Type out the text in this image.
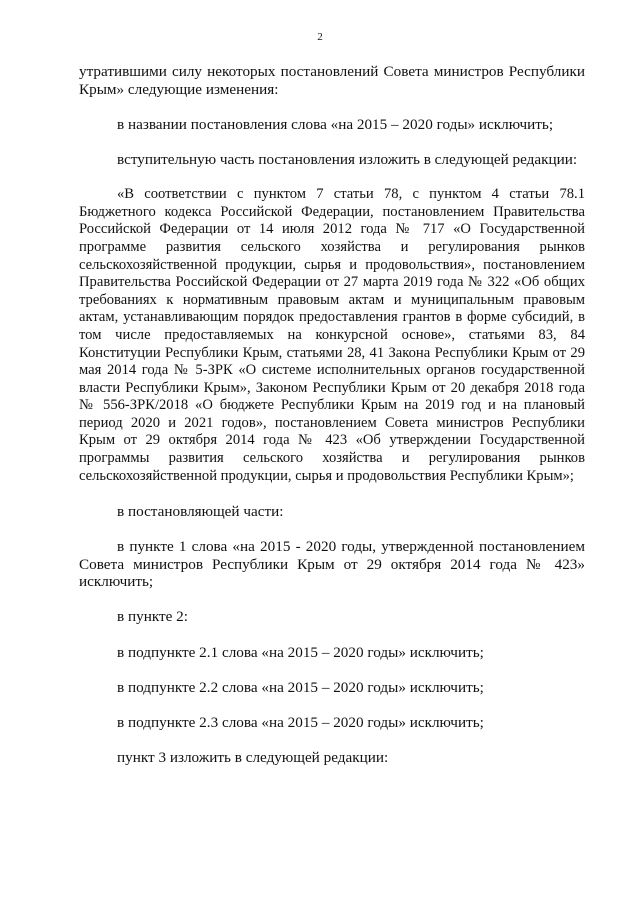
2

утратившими силу некоторых постановлений Совета министров Республики Крым» следующие изменения:

в названии постановления слова «на 2015 – 2020 годы» исключить;

вступительную часть постановления изложить в следующей редакции:

«В соответствии с пунктом 7 статьи 78, с пунктом 4 статьи 78.1 Бюджетного кодекса Российской Федерации, постановлением Правительства Российской Федерации от 14 июля 2012 года № 717 «О Государственной программе развития сельского хозяйства и регулирования рынков сельскохозяйственной продукции, сырья и продовольствия», постановлением Правительства Российской Федерации от 27 марта 2019 года № 322 «Об общих требованиях к нормативным правовым актам и муниципальным правовым актам, устанавливающим порядок предоставления грантов в форме субсидий, в том числе предоставляемых на конкурсной основе», статьями 83, 84 Конституции Республики Крым, статьями 28, 41 Закона Республики Крым от 29 мая 2014 года № 5-ЗРК «О системе исполнительных органов государственной власти Республики Крым», Законом Республики Крым от 20 декабря 2018 года № 556-ЗРК/2018 «О бюджете Республики Крым на 2019 год и на плановый период 2020 и 2021 годов», постановлением Совета министров Республики Крым от 29 октября 2014 года № 423 «Об утверждении Государственной программы развития сельского хозяйства и регулирования рынков сельскохозяйственной продукции, сырья и продовольствия Республики Крым»;

в постановляющей части:

в пункте 1 слова «на 2015 - 2020 годы, утвержденной постановлением Совета министров Республики Крым от 29 октября 2014 года № 423» исключить;

в пункте 2:

в подпункте 2.1 слова «на 2015 – 2020 годы» исключить;

в подпункте 2.2 слова «на 2015 – 2020 годы» исключить;

в подпункте 2.3 слова «на 2015 – 2020 годы» исключить;

пункт 3 изложить в следующей редакции:
